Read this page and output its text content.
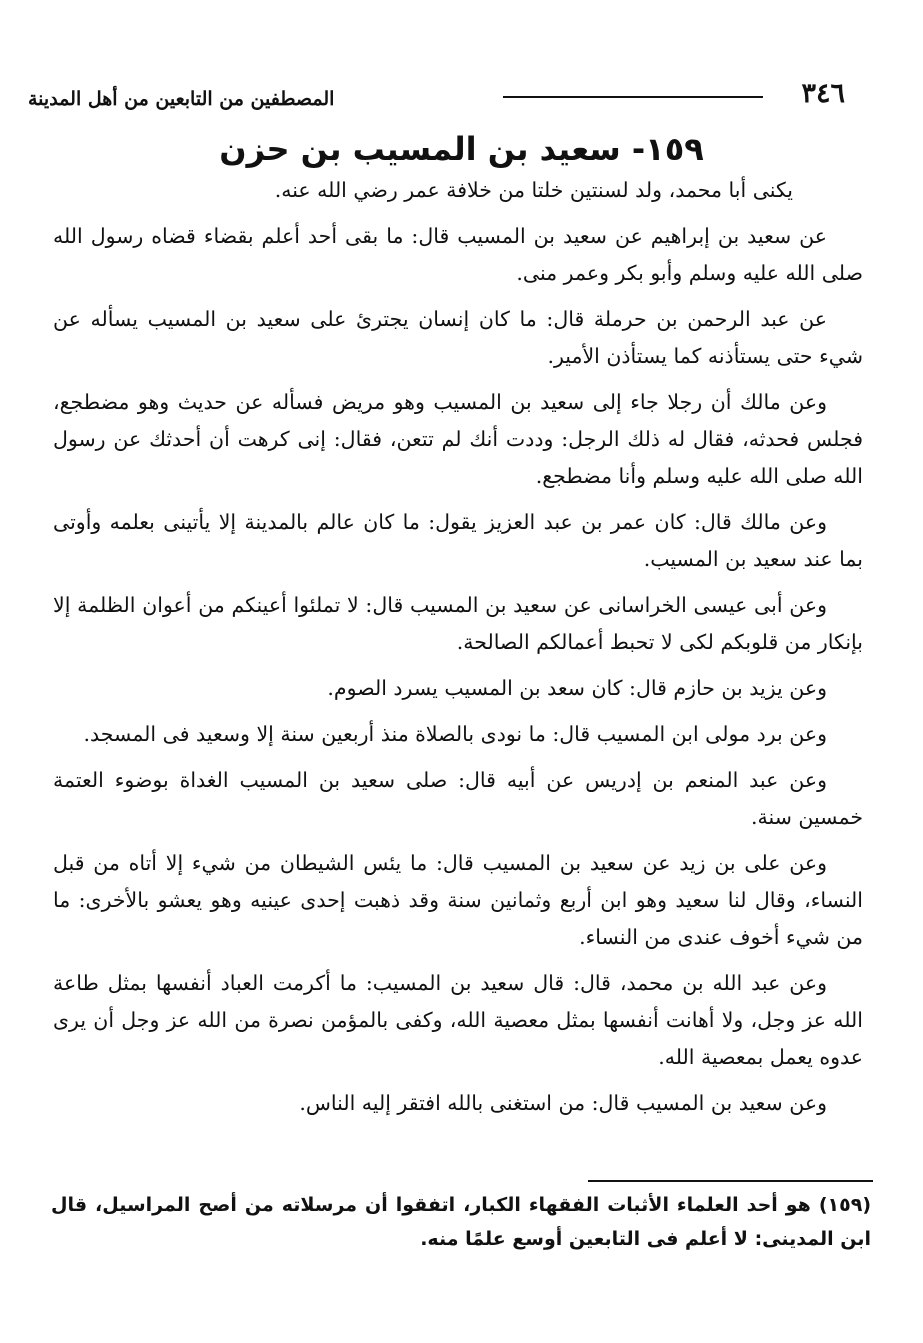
٣٤٦
المصطفين من التابعين من أهل المدينة
١٥٩- سعيد بن المسيب بن حزن

يكنى أبا محمد، ولد لسنتين خلتا من خلافة عمر رضي الله عنه.

عن سعيد بن إبراهيم عن سعيد بن المسيب قال: ما بقى أحد أعلم بقضاء قضاه رسول الله صلى الله عليه وسلم وأبو بكر وعمر منى.

عن عبد الرحمن بن حرملة قال: ما كان إنسان يجترئ على سعيد بن المسيب يسأله عن شيء حتى يستأذنه كما يستأذن الأمير.

وعن مالك أن رجلا جاء إلى سعيد بن المسيب وهو مريض فسأله عن حديث وهو مضطجع، فجلس فحدثه، فقال له ذلك الرجل: وددت أنك لم تتعن، فقال: إنى كرهت أن أحدثك عن رسول الله صلى الله عليه وسلم وأنا مضطجع.

وعن مالك قال: كان عمر بن عبد العزيز يقول: ما كان عالم بالمدينة إلا يأتينى بعلمه وأوتى بما عند سعيد بن المسيب.

وعن أبى عيسى الخراسانى عن سعيد بن المسيب قال: لا تملئوا أعينكم من أعوان الظلمة إلا بإنكار من قلوبكم لكى لا تحبط أعمالكم الصالحة.

وعن يزيد بن حازم قال: كان سعد بن المسيب يسرد الصوم.

وعن برد مولى ابن المسيب قال: ما نودى بالصلاة منذ أربعين سنة إلا وسعيد فى المسجد.

وعن عبد المنعم بن إدريس عن أبيه قال: صلى سعيد بن المسيب الغداة بوضوء العتمة خمسين سنة.

وعن على بن زيد عن سعيد بن المسيب قال: ما يئس الشيطان من شيء إلا أتاه من قبل النساء، وقال لنا سعيد وهو ابن أربع وثمانين سنة وقد ذهبت إحدى عينيه وهو يعشو بالأخرى: ما من شيء أخوف عندى من النساء.

وعن عبد الله بن محمد، قال: قال سعيد بن المسيب: ما أكرمت العباد أنفسها بمثل طاعة الله عز وجل، ولا أهانت أنفسها بمثل معصية الله، وكفى بالمؤمن نصرة من الله عز وجل أن يرى عدوه يعمل بمعصية الله.

وعن سعيد بن المسيب قال: من استغنى بالله افتقر إليه الناس.

(١٥٩) هو أحد العلماء الأثبات الفقهاء الكبار، اتفقوا أن مرسلاته من أصح المراسيل، قال ابن المدينى: لا أعلم فى التابعين أوسع علمًا منه.
